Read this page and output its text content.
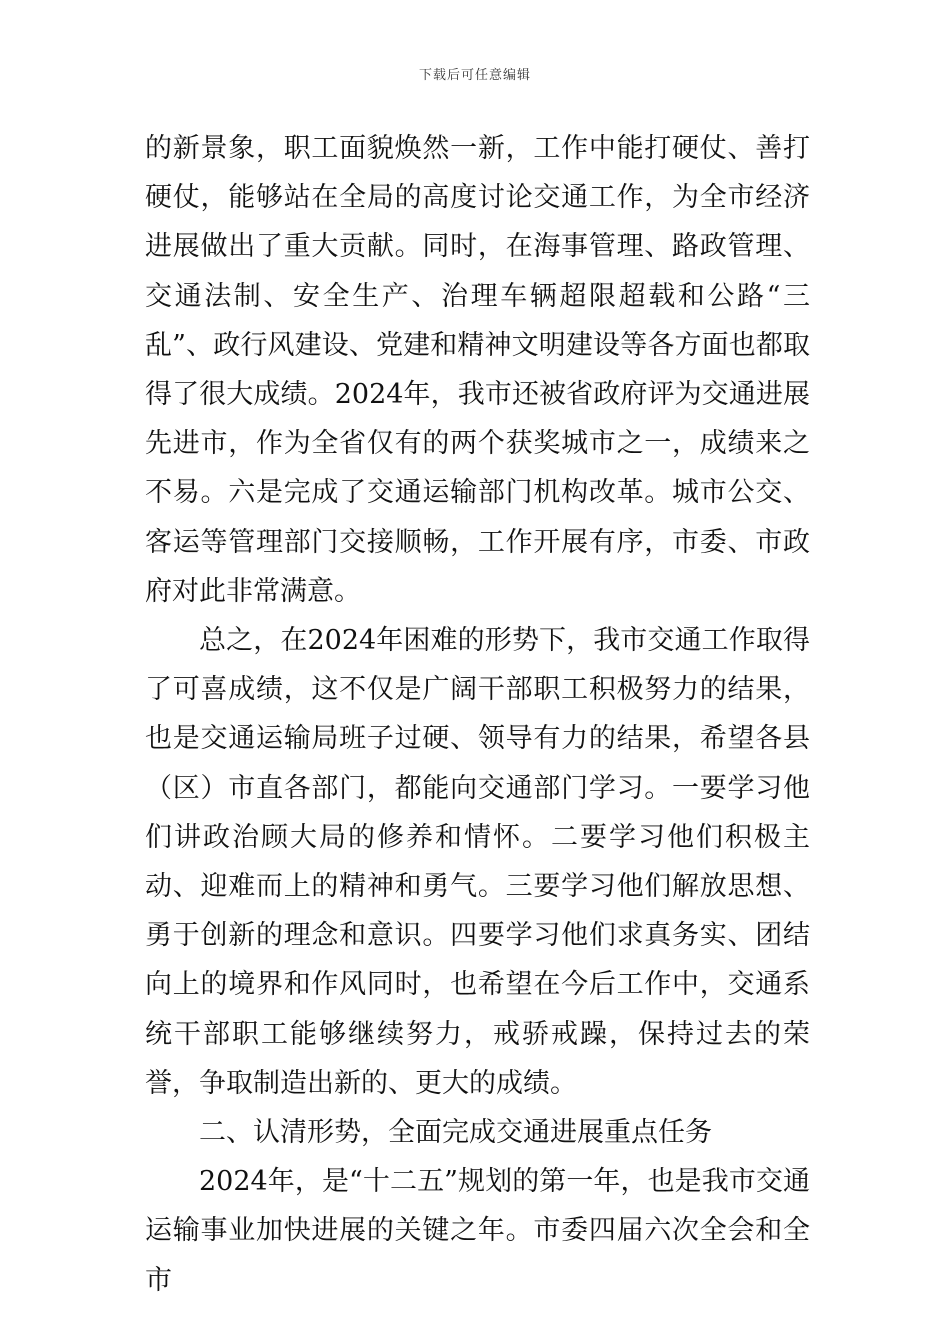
下载后可任意编辑

的新景象，职工面貌焕然一新，工作中能打硬仗、善打硬仗，能够站在全局的高度讨论交通工作，为全市经济进展做出了重大贡献。同时，在海事管理、路政管理、交通法制、安全生产、治理车辆超限超载和公路“三乱”、政行风建设、党建和精神文明建设等各方面也都取得了很大成绩。2024年，我市还被省政府评为交通进展先进市，作为全省仅有的两个获奖城市之一，成绩来之不易。六是完成了交通运输部门机构改革。城市公交、客运等管理部门交接顺畅，工作开展有序，市委、市政府对此非常满意。

总之，在2024年困难的形势下，我市交通工作取得了可喜成绩，这不仅是广阔干部职工积极努力的结果，也是交通运输局班子过硬、领导有力的结果，希望各县（区）市直各部门，都能向交通部门学习。一要学习他们讲政治顾大局的修养和情怀。二要学习他们积极主动、迎难而上的精神和勇气。三要学习他们解放思想、勇于创新的理念和意识。四要学习他们求真务实、团结向上的境界和作风同时，也希望在今后工作中，交通系统干部职工能够继续努力，戒骄戒躁，保持过去的荣誉，争取制造出新的、更大的成绩。

二、认清形势，全面完成交通进展重点任务

2024年，是“十二五”规划的第一年，也是我市交通运输事业加快进展的关键之年。市委四届六次全会和全市
